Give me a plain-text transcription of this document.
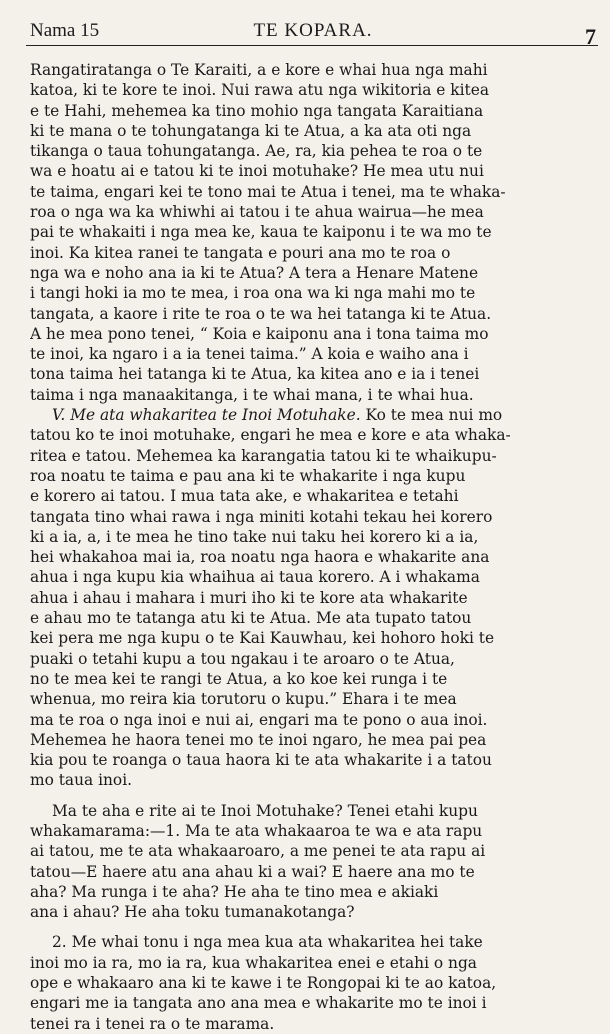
Nama 15	TE KOPARA.	7
Rangatiratanga o Te Karaiti, a e kore e whai hua nga mahi
katoa, ki te kore te inoi. Nui rawa atu nga wikitoria e kitea
e te Hahi, mehemea ka tino mohio nga tangata Karaitiana
ki te mana o te tohungatanga ki te Atua, a ka ata oti nga
tikanga o taua tohungatanga. Ae, ra, kia pehea te roa o te
wa e hoatu ai e tatou ki te inoi motuhake? He mea utu nui
te taima, engari kei te tono mai te Atua i tenei, ma te whaka-
roa o nga wa ka whiwhi ai tatou i te ahua wairua—he mea
pai te whakaiti i nga mea ke, kaua te kaiponu i te wa mo te
inoi. Ka kitea ranei te tangata e pouri ana mo te roa o
nga wa e noho ana ia ki te Atua? A tera a Henare Matene
i tangi hoki ia mo te mea, i roa ona wa ki nga mahi mo te
tangata, a kaore i rite te roa o te wa hei tatanga ki te Atua.
A he mea pono tenei, “ Koia e kaiponu ana i tona taima mo
te inoi, ka ngaro i a ia tenei taima.” A koia e waiho ana i
tona taima hei tatanga ki te Atua, ka kitea ano e ia i tenei
taima i nga manaakitanga, i te whai mana, i te whai hua.
V. Me ata whakaritea te Inoi Motuhake. Ko te mea nui mo
tatou ko te inoi motuhake, engari he mea e kore e ata whaka-
ritea e tatou. Mehemea ka karangatia tatou ki te whaikupu-
roa noatu te taima e pau ana ki te whakarite i nga kupu
e korero ai tatou. I mua tata ake, e whakaritea e tetahi
tangata tino whai rawa i nga miniti kotahi tekau hei korero
ki a ia, a, i te mea he tino take nui taku hei korero ki a ia,
hei whakahoa mai ia, roa noatu nga haora e whakarite ana
ahua i nga kupu kia whaihua ai taua korero. A i whakama
ahua i ahau i mahara i muri iho ki te kore ata whakarite
e ahau mo te tatanga atu ki te Atua. Me ata tupato tatou
kei pera me nga kupu o te Kai Kauwhau, kei hohoro hoki te
puaki o tetahi kupu a tou ngakau i te aroaro o te Atua,
no te mea kei te rangi te Atua, a ko koe kei runga i te
whenua, mo reira kia torutoru o kupu.” Ehara i te mea
ma te roa o nga inoi e nui ai, engari ma te pono o aua inoi.
Mehemea he haora tenei mo te inoi ngaro, he mea pai pea
kia pou te roanga o taua haora ki te ata whakarite i a tatou
mo taua inoi.
Ma te aha e rite ai te Inoi Motuhake? Tenei etahi kupu
whakamarama:—1. Ma te ata whakaaroa te wa e ata rapu
ai tatou, me te ata whakaaroaro, a me penei te ata rapu ai
tatou—E haere atu ana ahau ki a wai? E haere ana mo te
aha? Ma runga i te aha? He aha te tino mea e akiaki
ana i ahau? He aha toku tumanakotanga?
2. Me whai tonu i nga mea kua ata whakaritea hei take
inoi mo ia ra, mo ia ra, kua whakaritea enei e etahi o nga
ope e whakaaro ana ki te kawe i te Rongopai ki te ao katoa,
engari me ia tangata ano ana mea e whakarite mo te inoi i
tenei ra i tenei ra o te marama.
